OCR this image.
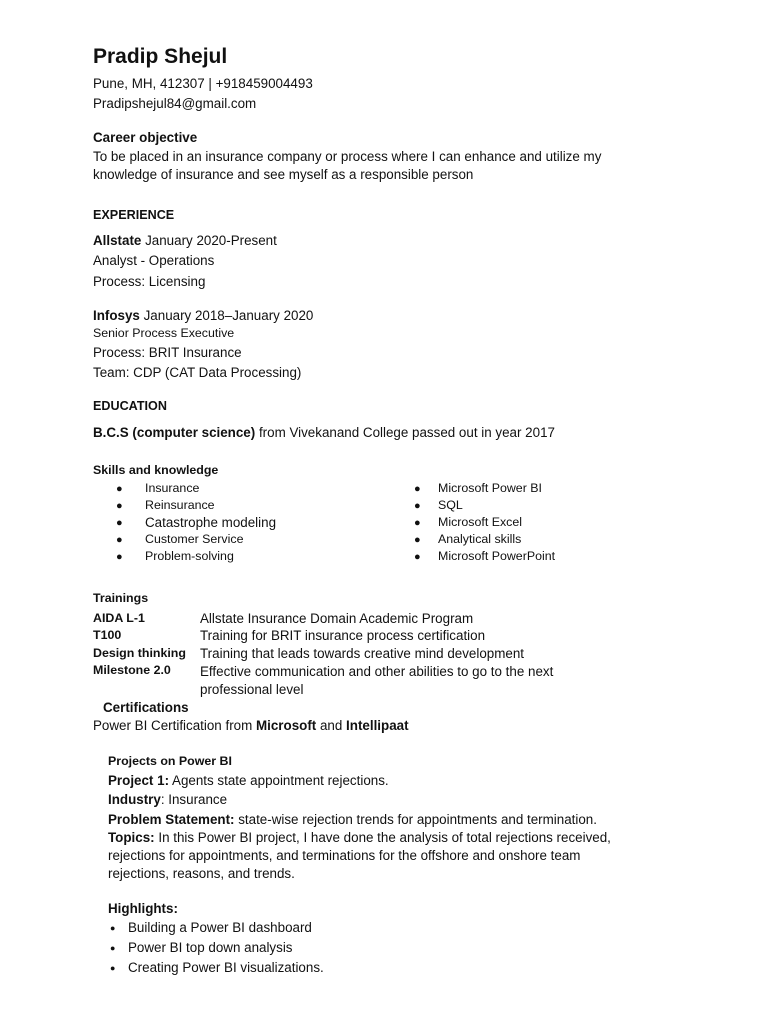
Pradip Shejul
Pune, MH, 412307 | +918459004493
Pradipshejul84@gmail.com
Career objective
To be placed in an insurance company or process where I can enhance and utilize my
knowledge of insurance and see myself as a responsible person
EXPERIENCE
Allstate January 2020-Present
Analyst - Operations
Process: Licensing
Infosys January 2018–January 2020
Senior Process Executive
Process: BRIT Insurance
Team: CDP (CAT Data Processing)
EDUCATION
B.C.S (computer science) from Vivekanand College passed out in year 2017
Skills and knowledge
● Insurance
● Reinsurance
● Catastrophe modeling
● Customer Service
● Problem-solving
● Microsoft Power BI
● SQL
● Microsoft Excel
● Analytical skills
● Microsoft PowerPoint
Trainings
AIDA L-1	Allstate Insurance Domain Academic Program
T100	Training for BRIT insurance process certification
Design thinking Training that leads towards creative mind development
Milestone 2.0 Effective communication and other abilities to go to the next
professional level
Certifications
Power BI Certification from Microsoft and Intellipaat
Projects on Power BI
Project 1: Agents state appointment rejections.
Industry: Insurance
Problem Statement: state-wise rejection trends for appointments and termination.
Topics: In this Power BI project, I have done the analysis of total rejections received,
rejections for appointments, and terminations for the offshore and onshore team
rejections, reasons, and trends.
Highlights:
● Building a Power BI dashboard
● Power BI top down analysis
● Creating Power BI visualizations.
